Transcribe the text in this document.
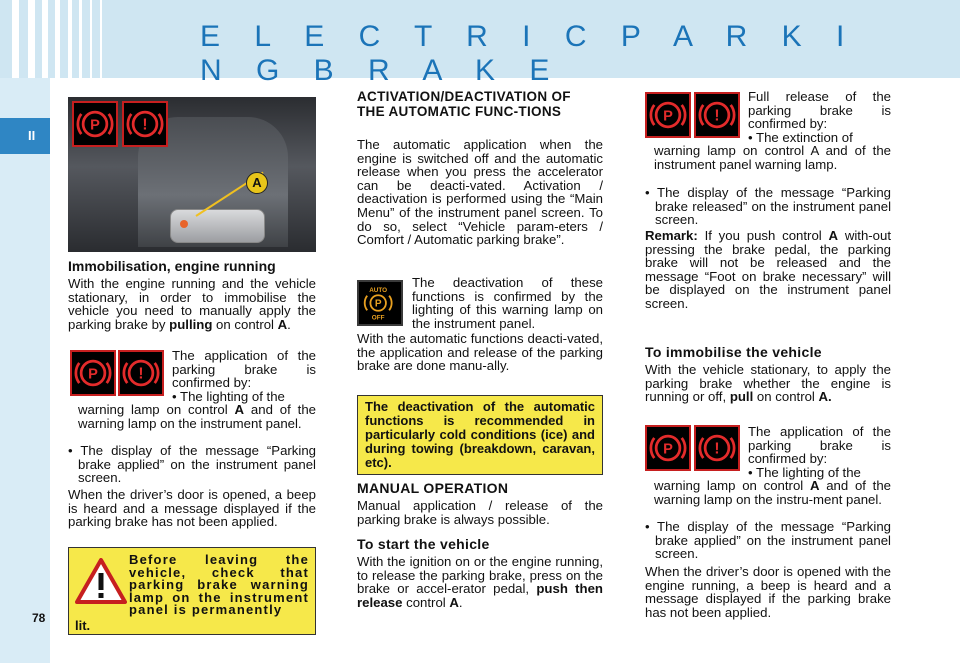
E L E C T R I C P A R K I N G B R A K E
II
78
P	!
A
Immobilisation, engine running
With the engine running and the vehicle stationary, in order to immobilise the vehicle you need to manually apply the parking brake by pulling on control A.
P !
The application of the parking brake is confirmed by:
• The lighting of the
warning lamp on control A and of the warning lamp on the instrument panel.
• The display of the message “Parking brake applied” on the instrument panel screen.
When the driver’s door is opened, a beep is heard and a message displayed if the parking brake has not been applied.
Before leaving the vehicle, check that parking brake warning lamp on the instrument panel is permanently
lit.
ACTIVATION/DEACTIVATION OF THE AUTOMATIC FUNC-TIONS
The automatic application when the engine is switched off and the automatic release when you press the accelerator can be deacti-vated. Activation / deactivation is performed using the “Main Menu” of the instrument panel screen. To do so, select “Vehicle param-eters / Comfort / Automatic parking brake”.
AUTO
P
OFF
The deactivation of these functions is confirmed by the lighting of this warning lamp on the instrument panel.
With the automatic functions deacti-vated, the application and release of the parking brake are done manu-ally.
The deactivation of the automatic functions is recommended in particularly cold conditions (ice) and during towing (breakdown, caravan, etc).
MANUAL OPERATION
Manual application / release of the parking brake is always possible.
To start the vehicle
With the ignition on or the engine running, to release the parking brake, press on the brake or accel-erator pedal, push then release control A.
P !
Full release of the parking brake is confirmed by:
• The extinction of
warning lamp on control A and of the instrument panel warning lamp.
• The display of the message “Parking brake released” on the instrument panel screen.
Remark: If you push control A with-out pressing the brake pedal, the parking brake will not be released and the message “Foot on brake necessary” will be displayed on the instrument panel screen.
To immobilise the vehicle
With the vehicle stationary, to apply the parking brake whether the engine is running or off, pull on control A.
P !
The application of the parking brake is confirmed by:
• The lighting of the
warning lamp on control A and of the warning lamp on the instru-ment panel.
• The display of the message “Parking brake applied” on the instrument panel screen.
When the driver’s door is opened with the engine running, a beep is heard and a message displayed if the parking brake has not been applied.
